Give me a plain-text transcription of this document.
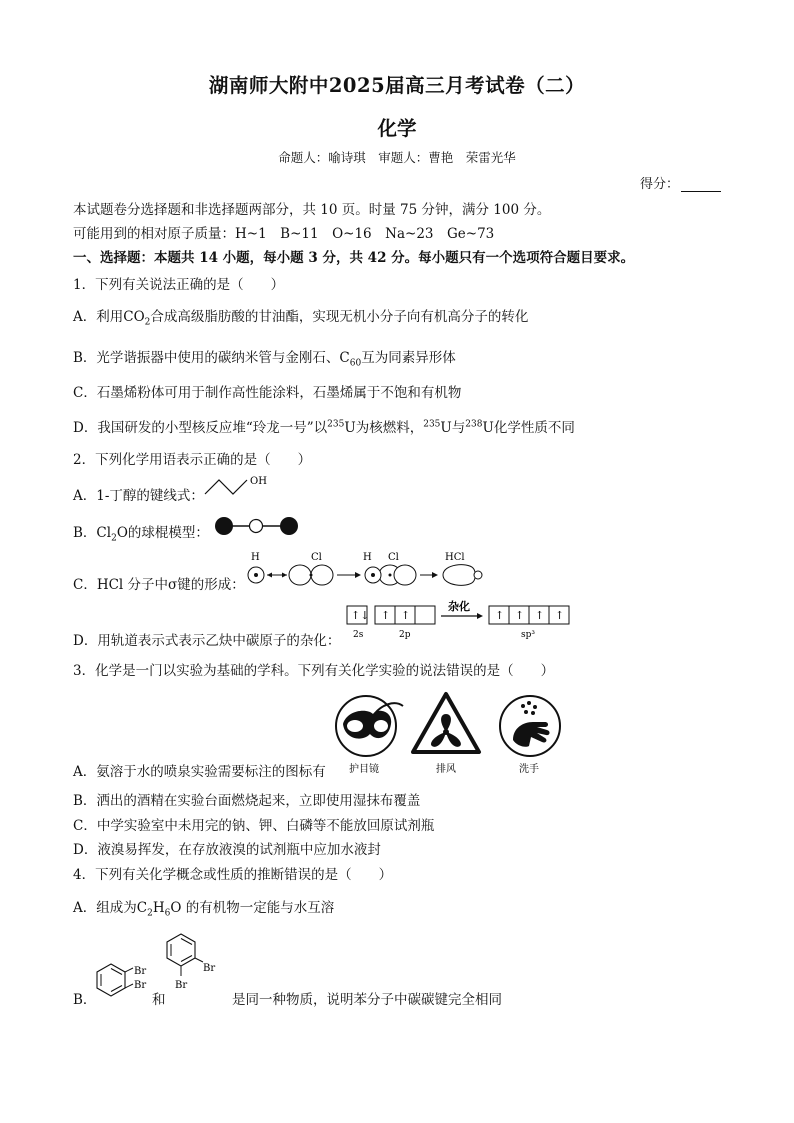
湖南师大附中2025届高三月考试卷（二）
化学
命题人：喻诗琪　审题人：曹艳　荣雷光华
得分：
本试题卷分选择题和非选择题两部分，共 10 页。时量 75 分钟，满分 100 分。
可能用到的相对原子质量：H~1　B~11　O~16　Na~23　Ge~73
一、选择题：本题共 14 小题，每小题 3 分，共 42 分。每小题只有一个选项符合题目要求。
1．下列有关说法正确的是（　　）
A．利用$CO_2$合成高级脂肪酸的甘油酯，实现无机小分子向有机高分子的转化
B．光学谐振器中使用的碳纳米管与金刚石、$C_{60}$互为同素异形体
C．石墨烯粉体可用于制作高性能涂料，石墨烯属于不饱和有机物
D．我国研发的小型核反应堆“玲龙一号”以$^{235}$U为核燃料，$^{235}$U与$^{238}$U化学性质不同
2．下列化学用语表示正确的是（　　）
A．1-丁醇的键线式：
OH
B．$Cl_2O$的球棍模型：
C．HCl 分子中σ键的形成：
H	Cl	H Cl	HCl
D．用轨道表示式表示乙炔中碳原子的杂化：
↑↓ ↑ ↑
2s	2p
杂化
↑ ↑ ↑ ↑
sp³
3．化学是一门以实验为基础的学科。下列有关化学实验的说法错误的是（　　）
A．氨溶于水的喷泉实验需要标注的图标有 护目镜	排风	洗手
B．洒出的酒精在实验台面燃烧起来，立即使用湿抹布覆盖
C．中学实验室中未用完的钠、钾、白磷等不能放回原试剂瓶
D．液溴易挥发，在存放液溴的试剂瓶中应加水液封
4．下列有关化学概念或性质的推断错误的是（　　）
A．组成为$C_2H_6O$ 的有机物一定能与水互溶
B．
Br
Br
和
Br
Br
是同一种物质，说明苯分子中碳碳键完全相同
